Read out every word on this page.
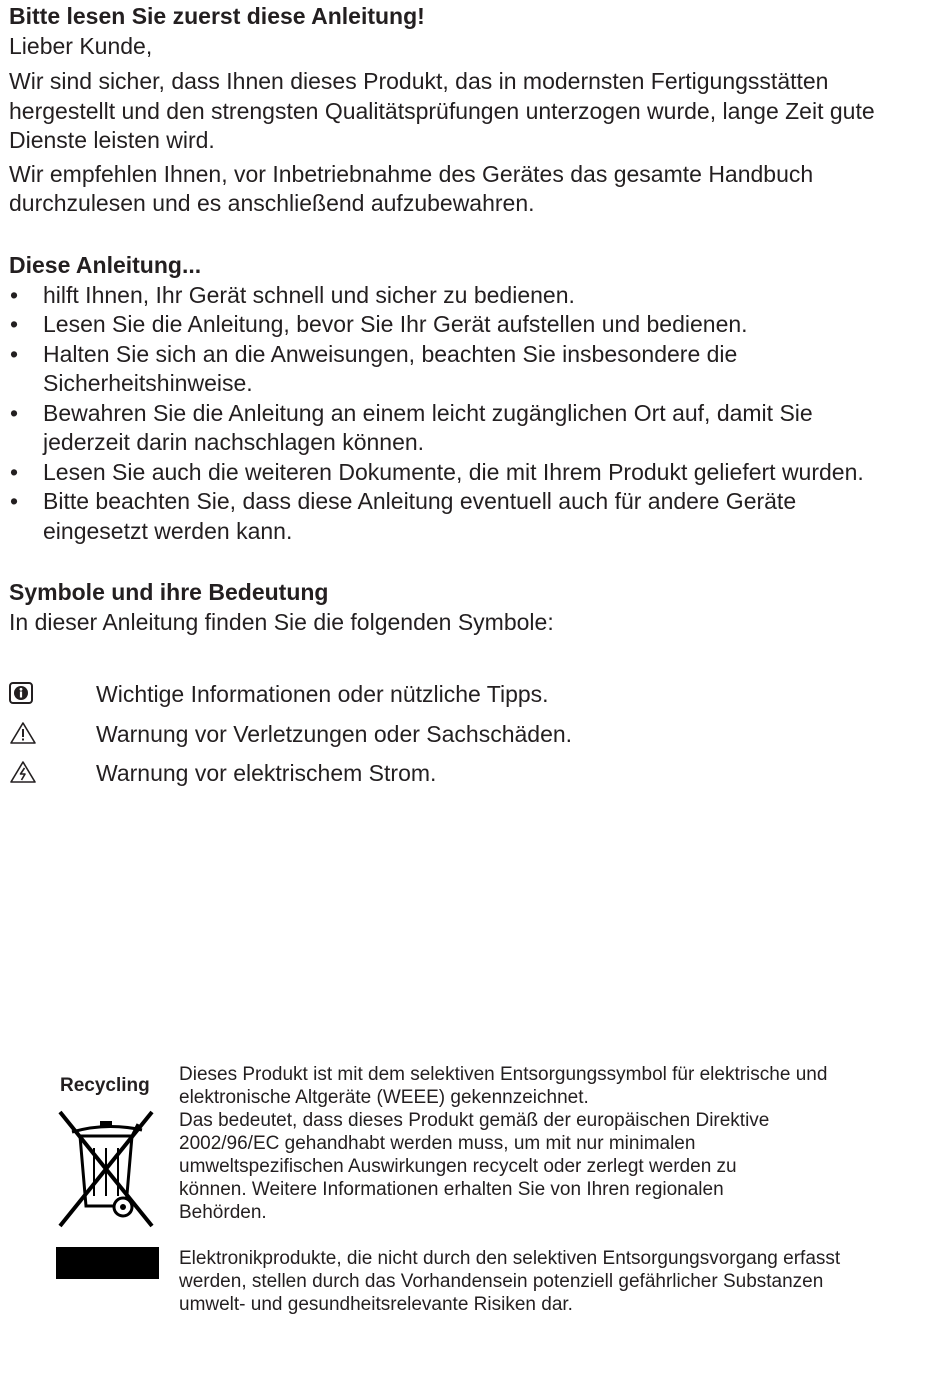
Bitte lesen Sie zuerst diese Anleitung!

Lieber Kunde,

Wir sind sicher, dass Ihnen dieses Produkt, das in modernsten Fertigungsstätten hergestellt und den strengsten Qualitätsprüfungen unterzogen wurde, lange Zeit gute Dienste leisten wird.

Wir empfehlen Ihnen, vor Inbetriebnahme des Gerätes das gesamte Handbuch durchzulesen und es anschließend aufzubewahren.

Diese Anleitung...
• hilft Ihnen, Ihr Gerät schnell und sicher zu bedienen.
• Lesen Sie die Anleitung, bevor Sie Ihr Gerät aufstellen und bedienen.
• Halten Sie sich an die Anweisungen, beachten Sie insbesondere die Sicherheitshinweise.
• Bewahren Sie die Anleitung an einem leicht zugänglichen Ort auf, damit Sie jederzeit darin nachschlagen können.
• Lesen Sie auch die weiteren Dokumente, die mit Ihrem Produkt geliefert wurden.
• Bitte beachten Sie, dass diese Anleitung eventuell auch für andere Geräte eingesetzt werden kann.
Symbole und ihre Bedeutung

In dieser Anleitung finden Sie die folgenden Symbole:

Wichtige Informationen oder nützliche Tipps.
Warnung vor Verletzungen oder Sachschäden.
Warnung vor elektrischem Strom.
Recycling

Dieses Produkt ist mit dem selektiven Entsorgungssymbol für elektrische und elektronische Altgeräte (WEEE) gekennzeichnet.

Das bedeutet, dass dieses Produkt gemäß der europäischen Direktive 2002/96/EC gehandhabt werden muss, um mit nur minimalen umweltspezifischen Auswirkungen recycelt oder zerlegt werden zu können. Weitere Informationen erhalten Sie von Ihren regionalen Behörden.

Elektronikprodukte, die nicht durch den selektiven Entsorgungsvorgang erfasst werden, stellen durch das Vorhandensein potenziell gefährlicher Substanzen umwelt- und gesundheitsrelevante Risiken dar.
